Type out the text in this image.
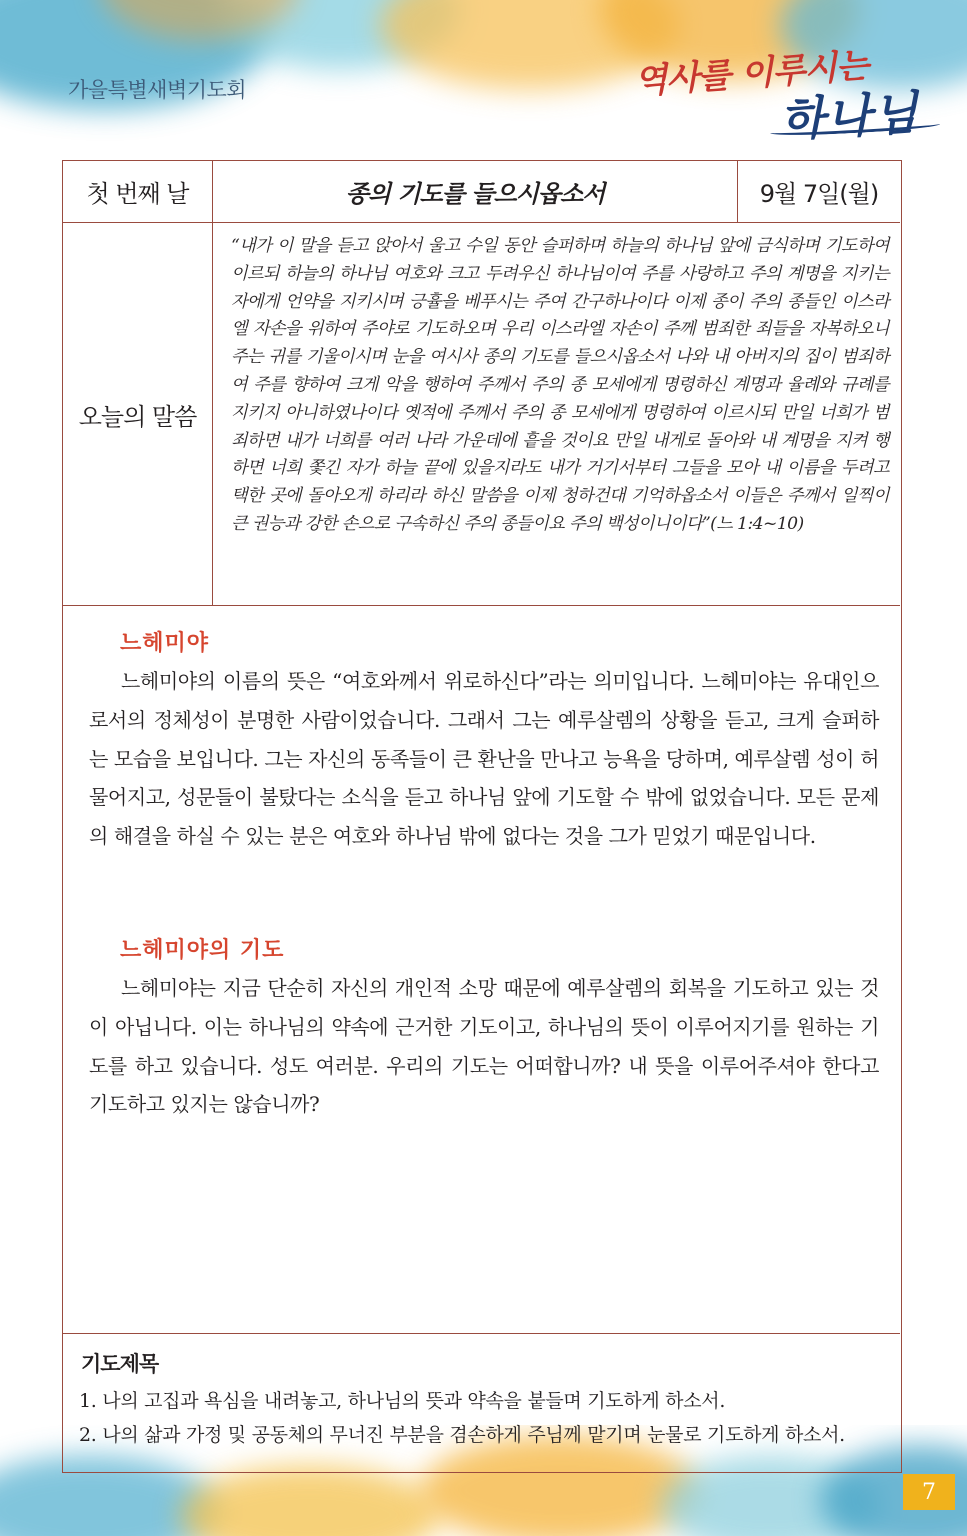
가을특별새벽기도회	역사를 이루시는
하나님
첫 번째 날	종의 기도를 들으시옵소서	9월 7일(월)
오늘의 말씀
“내가 이 말을 듣고 앉아서 울고 수일 동안 슬퍼하며 하늘의 하나님 앞에 금식하며 기도하여 이르되 하늘의 하나님 여호와 크고 두려우신 하나님이여 주를 사랑하고 주의 계명을 지키는 자에게 언약을 지키시며 긍휼을 베푸시는 주여 간구하나이다 이제 종이 주의 종들인 이스라엘 자손을 위하여 주야로 기도하오며 우리 이스라엘 자손이 주께 범죄한 죄들을 자복하오니 주는 귀를 기울이시며 눈을 여시사 종의 기도를 들으시옵소서 나와 내 아버지의 집이 범죄하여 주를 향하여 크게 악을 행하여 주께서 주의 종 모세에게 명령하신 계명과 율례와 규례를 지키지 아니하였나이다 옛적에 주께서 주의 종 모세에게 명령하여 이르시되 만일 너희가 범죄하면 내가 너희를 여러 나라 가운데에 흩을 것이요 만일 내게로 돌아와 내 계명을 지켜 행하면 너희 쫓긴 자가 하늘 끝에 있을지라도 내가 거기서부터 그들을 모아 내 이름을 두려고 택한 곳에 돌아오게 하리라 하신 말씀을 이제 청하건대 기억하옵소서 이들은 주께서 일찍이 큰 권능과 강한 손으로 구속하신 주의 종들이요 주의 백성이니이다”(느 1:4~10)
느헤미야
느헤미야의 이름의 뜻은 “여호와께서 위로하신다”라는 의미입니다. 느헤미야는 유대인으로서의 정체성이 분명한 사람이었습니다. 그래서 그는 예루살렘의 상황을 듣고, 크게 슬퍼하는 모습을 보입니다. 그는 자신의 동족들이 큰 환난을 만나고 능욕을 당하며, 예루살렘 성이 허물어지고, 성문들이 불탔다는 소식을 듣고 하나님 앞에 기도할 수 밖에 없었습니다. 모든 문제의 해결을 하실 수 있는 분은 여호와 하나님 밖에 없다는 것을 그가 믿었기 때문입니다.
느헤미야의 기도
느헤미야는 지금 단순히 자신의 개인적 소망 때문에 예루살렘의 회복을 기도하고 있는 것이 아닙니다. 이는 하나님의 약속에 근거한 기도이고, 하나님의 뜻이 이루어지기를 원하는 기도를 하고 있습니다. 성도 여러분. 우리의 기도는 어떠합니까? 내 뜻을 이루어주셔야 한다고 기도하고 있지는 않습니까?
기도제목
1. 나의 고집과 욕심을 내려놓고, 하나님의 뜻과 약속을 붙들며 기도하게 하소서.
2. 나의 삶과 가정 및 공동체의 무너진 부분을 겸손하게 주님께 맡기며 눈물로 기도하게 하소서.
7
